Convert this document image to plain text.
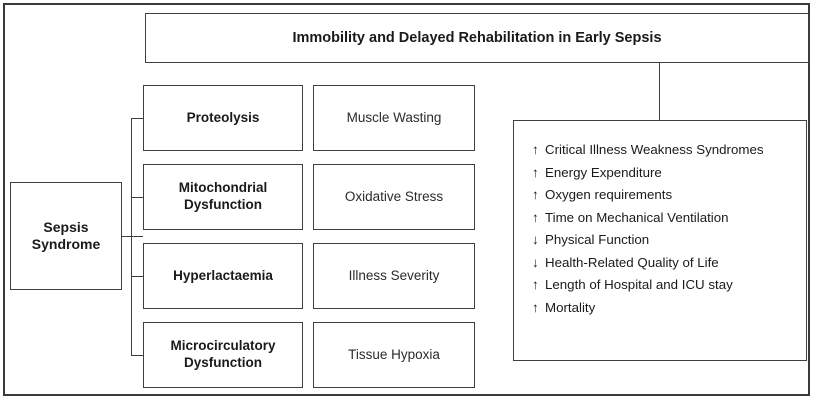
Immobility and Delayed Rehabilitation in Early Sepsis
Sepsis
Syndrome
Proteolysis
Mitochondrial
Dysfunction
Hyperlactaemia
Microcirculatory
Dysfunction
Muscle Wasting
Oxidative Stress
Illness Severity
Tissue Hypoxia
↑ Critical Illness Weakness Syndromes
↑ Energy Expenditure
↑ Oxygen requirements
↑ Time on Mechanical Ventilation
↓ Physical Function
↓ Health-Related Quality of Life
↑ Length of Hospital and ICU stay
↑ Mortality
